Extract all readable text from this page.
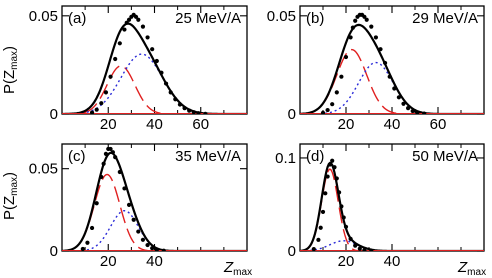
20 40 60
0
0.05 (a)	25 MeV/A
20 40 60
0
0.05 (b)	29 MeV/A
20 40
0
0.05
(c)	35 MeV/A
20 40
0
0.1 (d)	50 MeV/A
$P(Z_{max})$
$P(Z_{max})$
$Z_{max}$	$Z_{max}$
